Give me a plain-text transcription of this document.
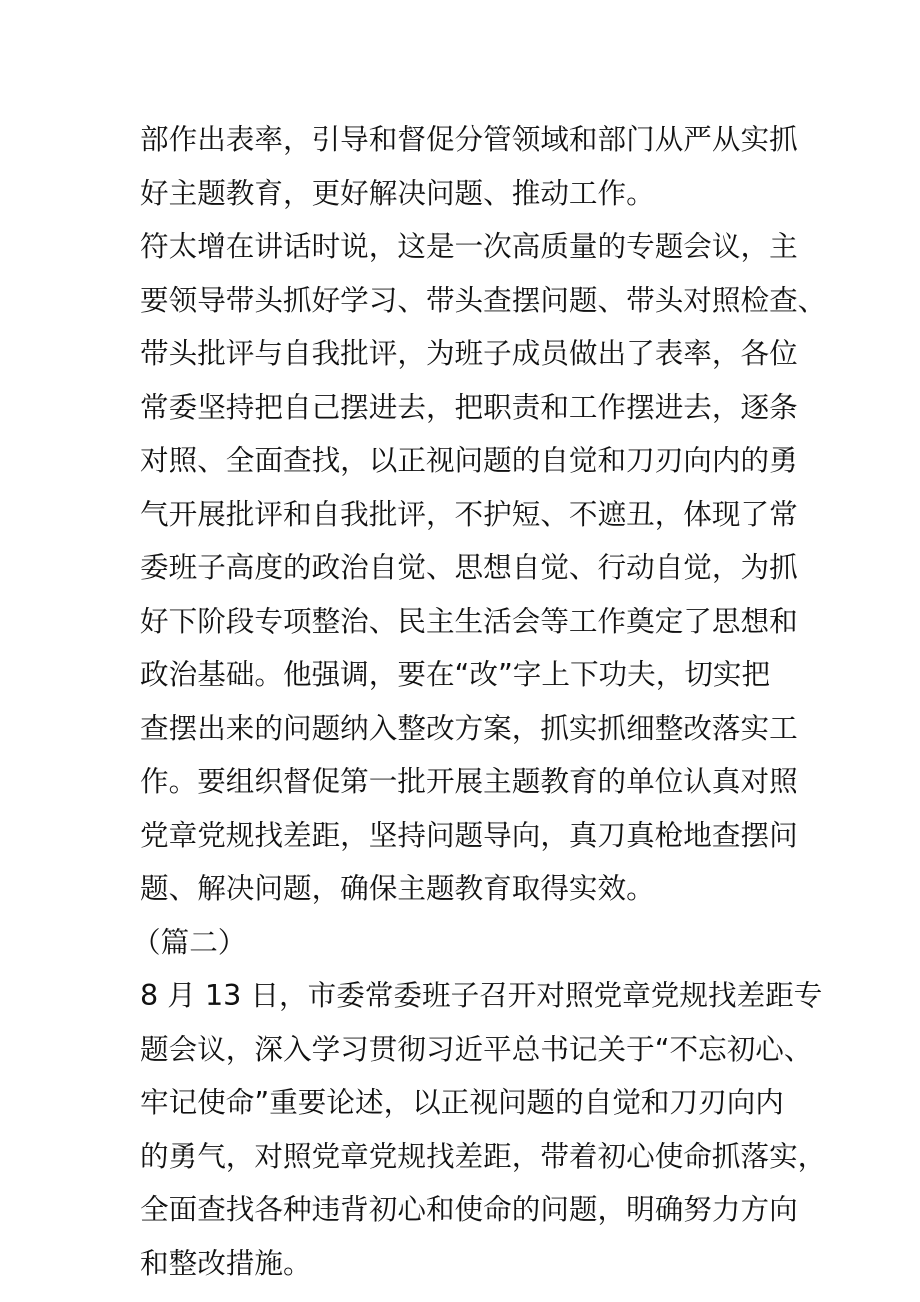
部作出表率，引导和督促分管领域和部门从严从实抓
好主题教育，更好解决问题、推动工作。
符太增在讲话时说，这是一次高质量的专题会议，主
要领导带头抓好学习、带头查摆问题、带头对照检查、
带头批评与自我批评，为班子成员做出了表率，各位
常委坚持把自己摆进去，把职责和工作摆进去，逐条
对照、全面查找，以正视问题的自觉和刀刃向内的勇
气开展批评和自我批评，不护短、不遮丑，体现了常
委班子高度的政治自觉、思想自觉、行动自觉，为抓
好下阶段专项整治、民主生活会等工作奠定了思想和
政治基础。他强调，要在“改”字上下功夫，切实把
查摆出来的问题纳入整改方案，抓实抓细整改落实工
作。要组织督促第一批开展主题教育的单位认真对照
党章党规找差距，坚持问题导向，真刀真枪地查摆问
题、解决问题，确保主题教育取得实效。
（篇二）
8 月 13 日，市委常委班子召开对照党章党规找差距专
题会议，深入学习贯彻习近平总书记关于“不忘初心、
牢记使命”重要论述，以正视问题的自觉和刀刃向内
的勇气，对照党章党规找差距，带着初心使命抓落实，
全面查找各种违背初心和使命的问题，明确努力方向
和整改措施。
